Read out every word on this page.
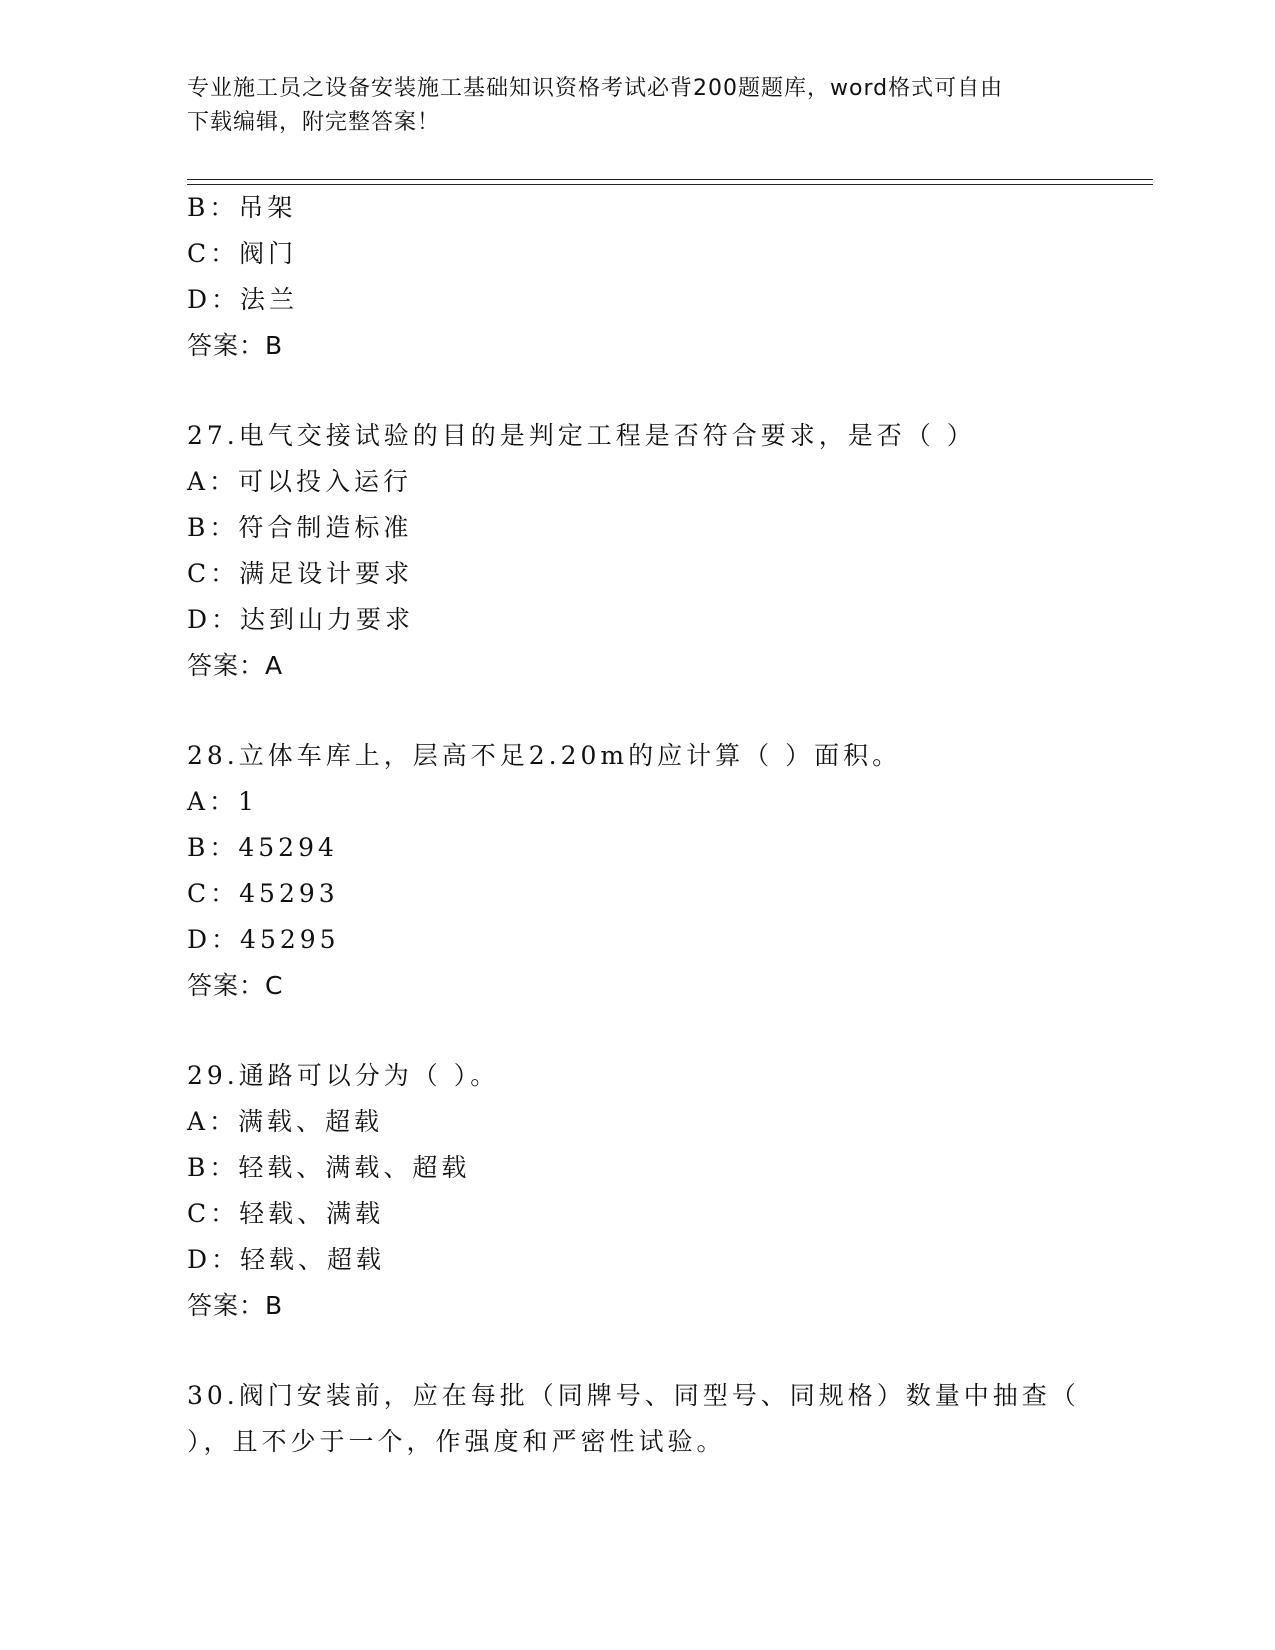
专业施工员之设备安装施工基础知识资格考试必背200题题库，word格式可自由
下载编辑，附完整答案！
B：吊架
C：阀门
D：法兰
答案：B
27.电气交接试验的目的是判定工程是否符合要求，是否（ ）
A：可以投入运行
B：符合制造标准
C：满足设计要求
D：达到山力要求
答案：A
28.立体车库上，层高不足2.20m的应计算（ ）面积。
A：1
B：45294
C：45293
D：45295
答案：C
29.通路可以分为（ ）。
A：满载、超载
B：轻载、满载、超载
C：轻载、满载
D：轻载、超载
答案：B
30.阀门安装前，应在每批（同牌号、同型号、同规格）数量中抽查（
），且不少于一个，作强度和严密性试验。
